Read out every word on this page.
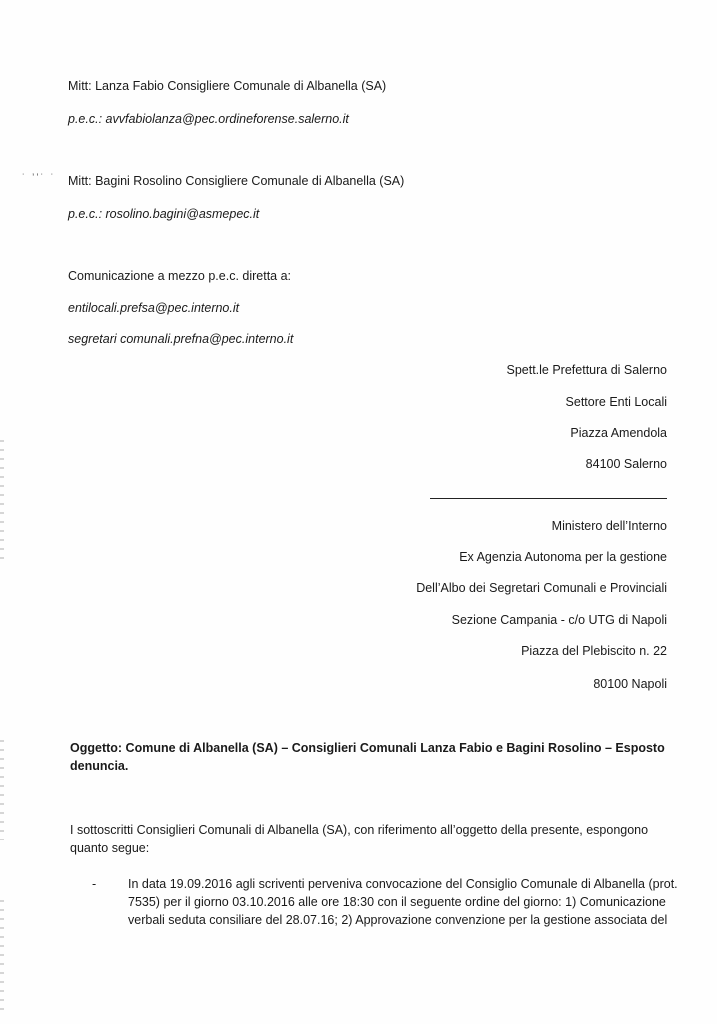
˙ ʼʼ˙ ˙
Mitt: Lanza Fabio Consigliere Comunale di Albanella (SA)
p.e.c.: avvfabiolanza@pec.ordineforense.salerno.it
Mitt: Bagini Rosolino Consigliere Comunale di Albanella (SA)
p.e.c.: rosolino.bagini@asmepec.it
Comunicazione a mezzo p.e.c. diretta a:
entilocali.prefsa@pec.interno.it
segretari comunali.prefna@pec.interno.it
Spett.le Prefettura di Salerno
Settore Enti Locali
Piazza Amendola
84100 Salerno
Ministero dell’Interno
Ex Agenzia Autonoma per la gestione
Dell’Albo dei Segretari Comunali e Provinciali
Sezione Campania - c/o UTG di Napoli
Piazza del Plebiscito n. 22
80100 Napoli
Oggetto: Comune di Albanella (SA) – Consiglieri Comunali Lanza Fabio e Bagini Rosolino – Esposto
denuncia.
I sottoscritti Consiglieri Comunali di Albanella (SA), con riferimento all’oggetto della presente, espongono
quanto segue:
-	In data 19.09.2016 agli scriventi perveniva convocazione del Consiglio Comunale di Albanella (prot.
7535) per il giorno 03.10.2016 alle ore 18:30 con il seguente ordine del giorno: 1) Comunicazione
verbali seduta consiliare del 28.07.16; 2) Approvazione convenzione per la gestione associata del
